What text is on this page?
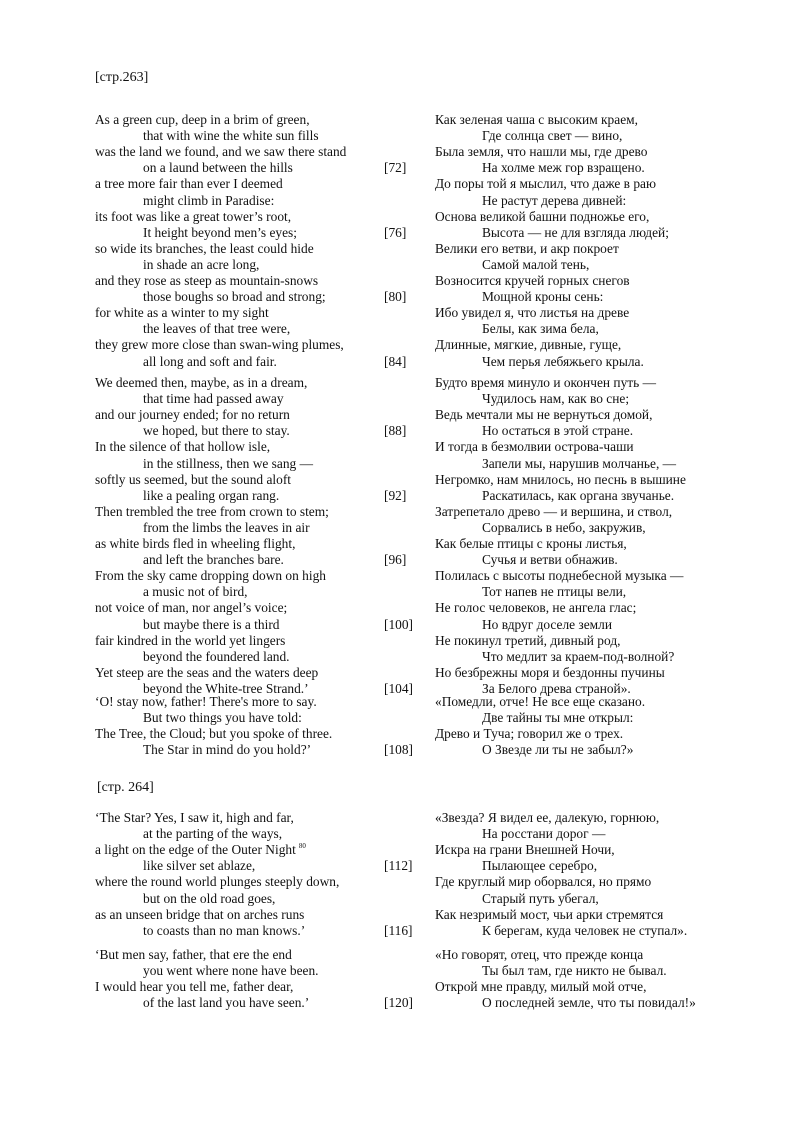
[стр.263]
[стр. 264]
As a green cup, deep in a brim of green,	Как зеленая чаша с высоким краем,
that with wine the white sun fills	Где солнца свет — вино,
was the land we found, and we saw there stand	Была земля, что нашли мы, где древо
on a laund between the hills	[72]	На холме меж гор взращено.
a tree more fair than ever I deemed	До поры той я мыслил, что даже в раю
might climb in Paradise:	Не растут дерева дивней:
its foot was like a great tower’s root,	Основа великой башни подножье его,
It height beyond men’s eyes;	[76]	Высота — не для взгляда людей;
so wide its branches, the least could hide	Велики его ветви, и акр покроет
in shade an acre long,	Самой малой тень,
and they rose as steep as mountain-snows	Возносится кручей горных снегов
those boughs so broad and strong;	[80]	Мощной кроны сень:
for white as a winter to my sight	Ибо увидел я, что листья на древе
the leaves of that tree were,	Белы, как зима бела,
they grew more close than swan-wing plumes,	Длинные, мягкие, дивные, гуще,
all long and soft and fair.	[84]	Чем перья лебяжьего крыла.
We deemed then, maybe, as in a dream,	Будто время минуло и окончен путь —
that time had passed away	Чудилось нам, как во сне;
and our journey ended; for no return	Ведь мечтали мы не вернуться домой,
we hoped, but there to stay.	[88]	Но остаться в этой стране.
In the silence of that hollow isle,	И тогда в безмолвии острова-чаши
in the stillness, then we sang —	Запели мы, нарушив молчанье, —
softly us seemed, but the sound aloft	Негромко, нам мнилось, но песнь в вышине
like a pealing organ rang.	[92]	Раскатилась, как органа звучанье.
Then trembled the tree from crown to stem;	Затрепетало древо — и вершина, и ствол,
from the limbs the leaves in air	Сорвались в небо, закружив,
as white birds fled in wheeling flight,	Как белые птицы с кроны листья,
and left the branches bare.	[96]	Сучья и ветви обнажив.
From the sky came dropping down on high	Полилась с высоты поднебесной музыка —
a music not of bird,	Тот напев не птицы вели,
not voice of man, nor angel’s voice;	Не голос человеков, не ангела глас;
but maybe there is a third	[100]	Но вдруг доселе земли
fair kindred in the world yet lingers	Не покинул третий, дивный род,
beyond the foundered land.	Что медлит за краем-под-волной?
Yet steep are the seas and the waters deep	Но безбрежны моря и бездонны пучины
beyond the White-tree Strand.’	[104]	За Белого древа страной».
‘O! stay now, father! There's more to say.	«Помедли, отче! Не все еще сказано.
But two things you have told:	Две тайны ты мне открыл:
The Tree, the Cloud; but you spoke of three.	Древо и Туча; говорил же о трех.
The Star in mind do you hold?’	[108]	О Звезде ли ты не забыл?»
‘The Star? Yes, I saw it, high and far,	«Звезда? Я видел ее, далекую, горнюю,
at the parting of the ways,	На росстани дорог —
a light on the edge of the Outer Night $^{80}$	Искра на грани Внешней Ночи,
like silver set ablaze,	[112]	Пылающее серебро,
where the round world plunges steeply down,	Где круглый мир оборвался, но прямо
but on the old road goes,	Старый путь убегал,
as an unseen bridge that on arches runs	Как незримый мост, чьи арки стремятся
to coasts than no man knows.’	[116]	К берегам, куда человек не ступал».
‘But men say, father, that ere the end	«Но говорят, отец, что прежде конца
you went where none have been.	Ты был там, где никто не бывал.
I would hear you tell me, father dear,	Открой мне правду, милый мой отче,
of the last land you have seen.’	[120]	О последней земле, что ты повидал!»
